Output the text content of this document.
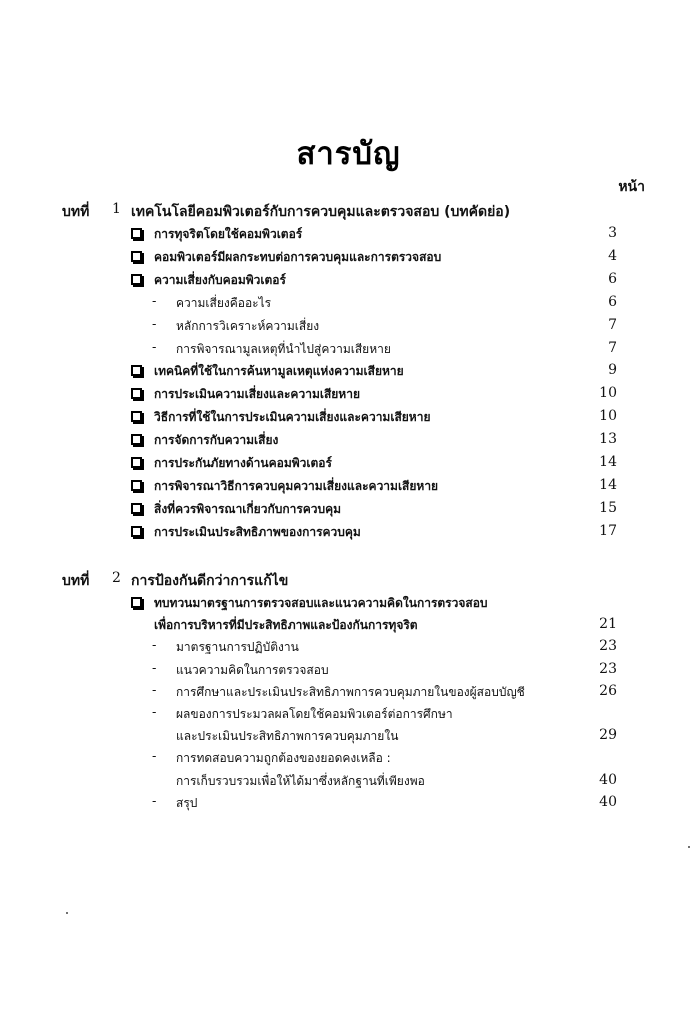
สารบัญ
หน้า
บทที่ 1 เทคโนโลยีคอมพิวเตอร์กับการควบคุมและตรวจสอบ (บทคัดย่อ)
การทุจริตโดยใช้คอมพิวเตอร์	3
คอมพิวเตอร์มีผลกระทบต่อการควบคุมและการตรวจสอบ	4
ความเสี่ยงกับคอมพิวเตอร์	6
- ความเสี่ยงคืออะไร	6
- หลักการวิเคราะห์ความเสี่ยง	7
- การพิจารณามูลเหตุที่นำไปสู่ความเสียหาย	7
เทคนิคที่ใช้ในการค้นหามูลเหตุแห่งความเสียหาย	9
การประเมินความเสี่ยงและความเสียหาย	10
วิธีการที่ใช้ในการประเมินความเสี่ยงและความเสียหาย	10
การจัดการกับความเสี่ยง	13
การประกันภัยทางด้านคอมพิวเตอร์	14
การพิจารณาวิธีการควบคุมความเสี่ยงและความเสียหาย	14
สิ่งที่ควรพิจารณาเกี่ยวกับการควบคุม	15
การประเมินประสิทธิภาพของการควบคุม	17
บทที่ 2 การป้องกันดีกว่าการแก้ไข
ทบทวนมาตรฐานการตรวจสอบและแนวความคิดในการตรวจสอบ
เพื่อการบริหารที่มีประสิทธิภาพและป้องกันการทุจริต	21
- มาตรฐานการปฏิบัติงาน	23
- แนวความคิดในการตรวจสอบ	23
- การศึกษาและประเมินประสิทธิภาพการควบคุมภายในของผู้สอบบัญชี	26
- ผลของการประมวลผลโดยใช้คอมพิวเตอร์ต่อการศึกษา
และประเมินประสิทธิภาพการควบคุมภายใน	29
- การทดสอบความถูกต้องของยอดคงเหลือ :
การเก็บรวบรวมเพื่อให้ได้มาซึ่งหลักฐานที่เพียงพอ	40
- สรุป	40
